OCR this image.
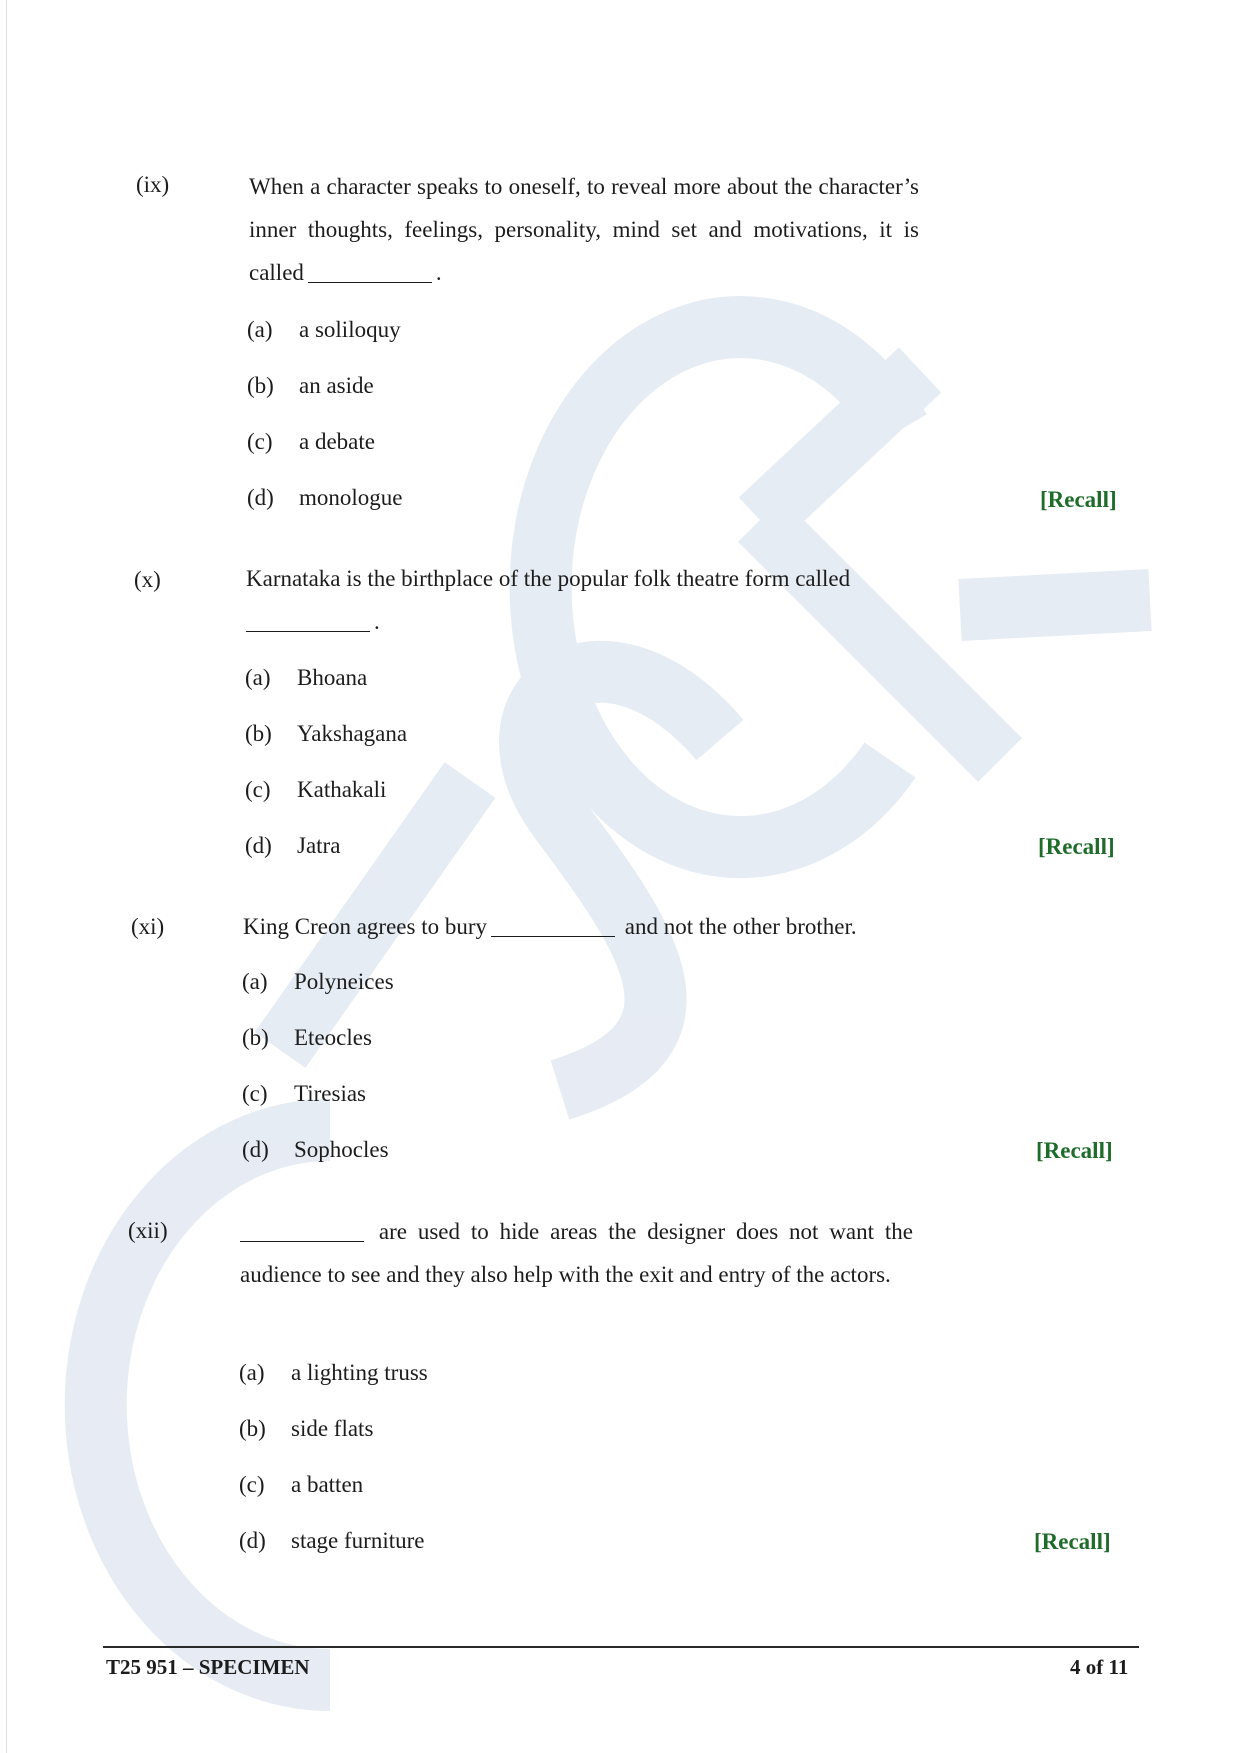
(ix)	When a character speaks to oneself, to reveal more about the character’s inner thoughts, feelings, personality, mind set and motivations, it is called	.
(a) a soliloquy
(b) an aside
(c) a debate
(d) monologue	[Recall]
(x)	Karnataka is the birthplace of the popular folk theatre form called
.
(a) Bhoana
(b) Yakshagana
(c) Kathakali
(d) Jatra	[Recall]
(xi)	King Creon agrees to bury	and not the other brother.
(a) Polyneices
(b) Eteocles
(c) Tiresias
(d) Sophocles	[Recall]
(xii)	are used to hide areas the designer does not want the audience to see and they also help with the exit and entry of the actors.
(a) a lighting truss
(b) side flats
(c) a batten
(d) stage furniture	[Recall]
T25 951 – SPECIMEN	4 of 11
